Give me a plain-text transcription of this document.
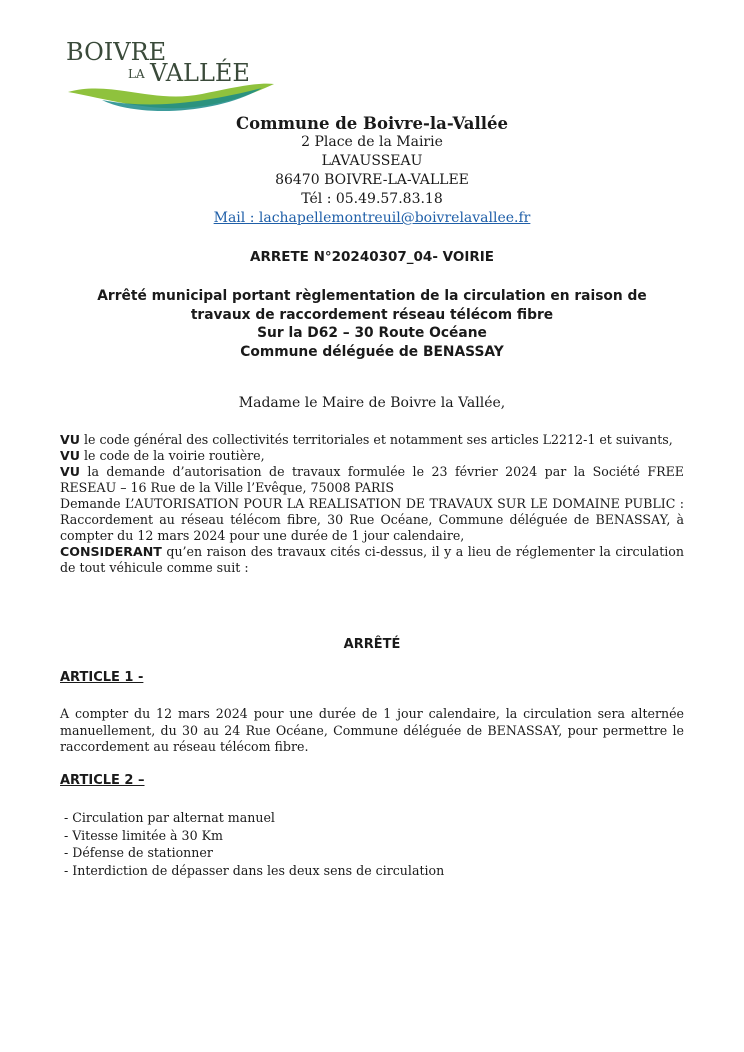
BOIVRE
LA VALLÉE
Commune de Boivre-la-Vallée
2 Place de la Mairie
LAVAUSSEAU
86470 BOIVRE-LA-VALLEE
Tél : 05.49.57.83.18
Mail : lachapellemontreuil@boivrelavallee.fr
ARRETE N°20240307_04- VOIRIE
Arrêté municipal portant règlementation de la circulation en raison de
travaux de raccordement réseau télécom fibre
Sur la D62 – 30 Route Océane
Commune déléguée de BENASSAY
Madame le Maire de Boivre la Vallée,

VU le code général des collectivités territoriales et notamment ses articles L2212-1 et suivants,

VU le code de la voirie routière,

VU la demande d’autorisation de travaux formulée le 23 février 2024 par la Société FREE RESEAU – 16 Rue de la Ville l’Evêque, 75008 PARIS

Demande L’AUTORISATION POUR LA REALISATION DE TRAVAUX SUR LE DOMAINE PUBLIC : Raccordement au réseau télécom fibre, 30 Rue Océane, Commune déléguée de BENASSAY, à compter du 12 mars 2024 pour une durée de 1 jour calendaire,

CONSIDERANT qu’en raison des travaux cités ci-dessus, il y a lieu de réglementer la circulation de tout véhicule comme suit :

ARRÊTÉ
ARTICLE 1 -
A compter du 12 mars 2024 pour une durée de 1 jour calendaire, la circulation sera alternée manuellement, du 30 au 24 Rue Océane, Commune déléguée de BENASSAY, pour permettre le raccordement au réseau télécom fibre.
ARTICLE 2 –
- Circulation par alternat manuel
- Vitesse limitée à 30 Km
- Défense de stationner
- Interdiction de dépasser dans les deux sens de circulation
